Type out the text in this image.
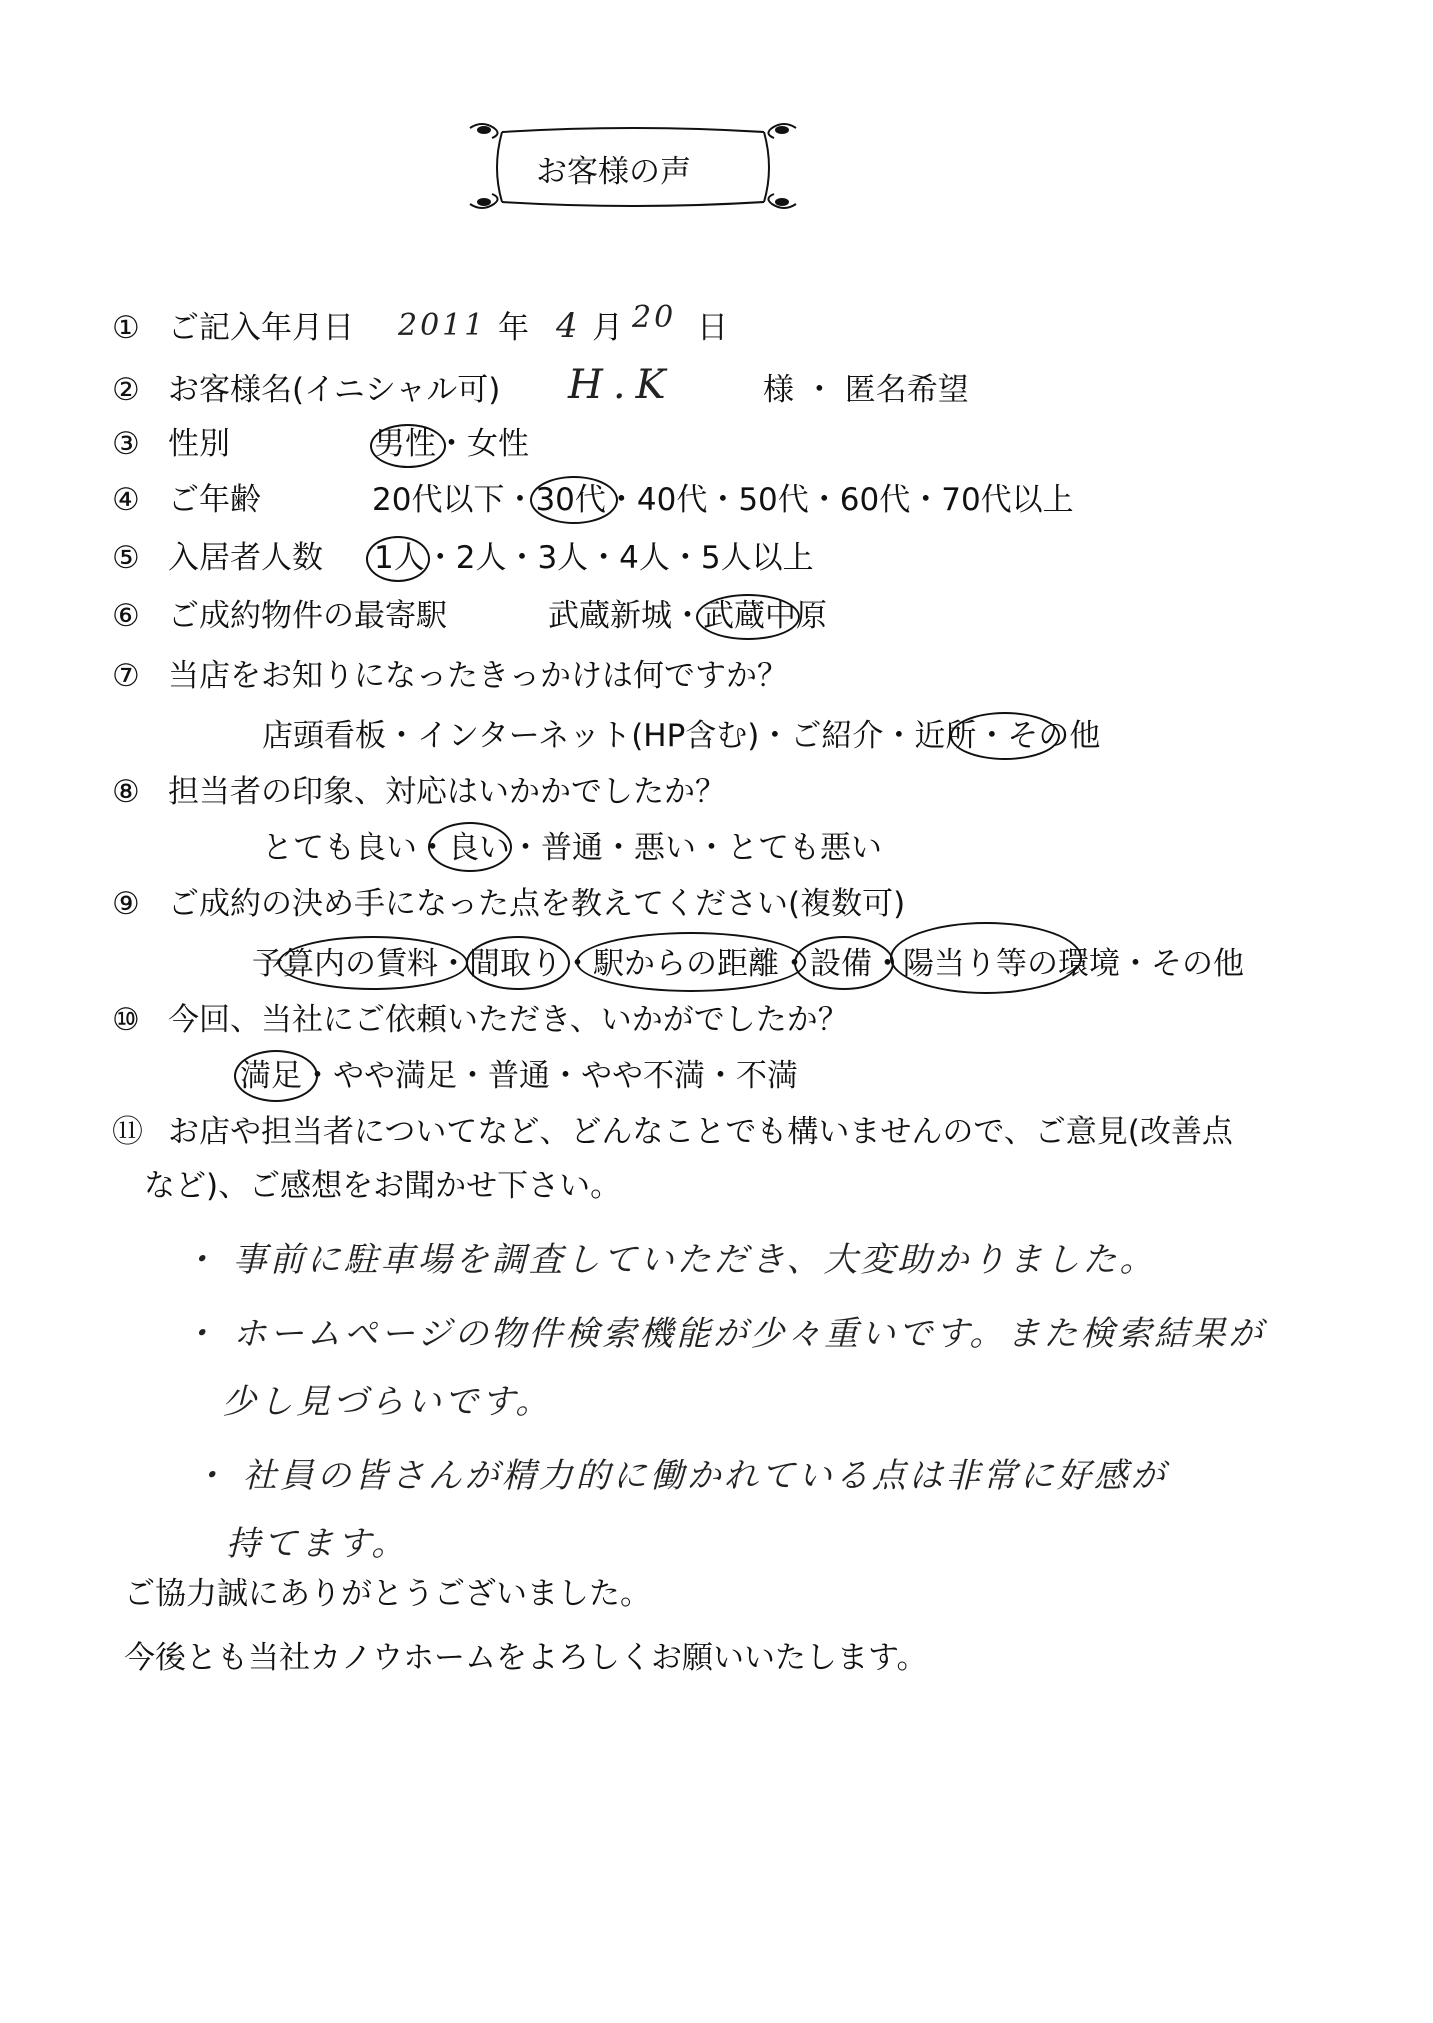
お客様の声
① ご記入年月日 2011 年 4 月 20 日
② お客様名(イニシャル可) H.K	様 ・ 匿名希望
③ 性別	男性・女性
④ ご年齢	20代以下・30代・40代・50代・60代・70代以上
⑤ 入居者人数 1人・2人・3人・4人・5人以上
⑥ ご成約物件の最寄駅	武蔵新城・武蔵中原
⑦ 当店をお知りになったきっかけは何ですか？
店頭看板・インターネット(HP含む)・ご紹介・近所・その他
⑧ 担当者の印象、対応はいかかでしたか？
とても良い・良い・普通・悪い・とても悪い
⑨ ご成約の決め手になった点を教えてください(複数可)
予算内の賃料・間取り・駅からの距離・設備・陽当り等の環境・その他
⑩ 今回、当社にご依頼いただき、いかがでしたか？
満足・やや満足・普通・やや不満・不満
⑪ お店や担当者についてなど、どんなことでも構いませんので、ご意見(改善点
など)、ご感想をお聞かせ下さい。
・ 事前に駐車場を調査していただき、大変助かりました。
・ ホームページの物件検索機能が少々重いです。また検索結果が
少し見づらいです。
・ 社員の皆さんが精力的に働かれている点は非常に好感が
持てます。
ご協力誠にありがとうございました。
今後とも当社カノウホームをよろしくお願いいたします。
